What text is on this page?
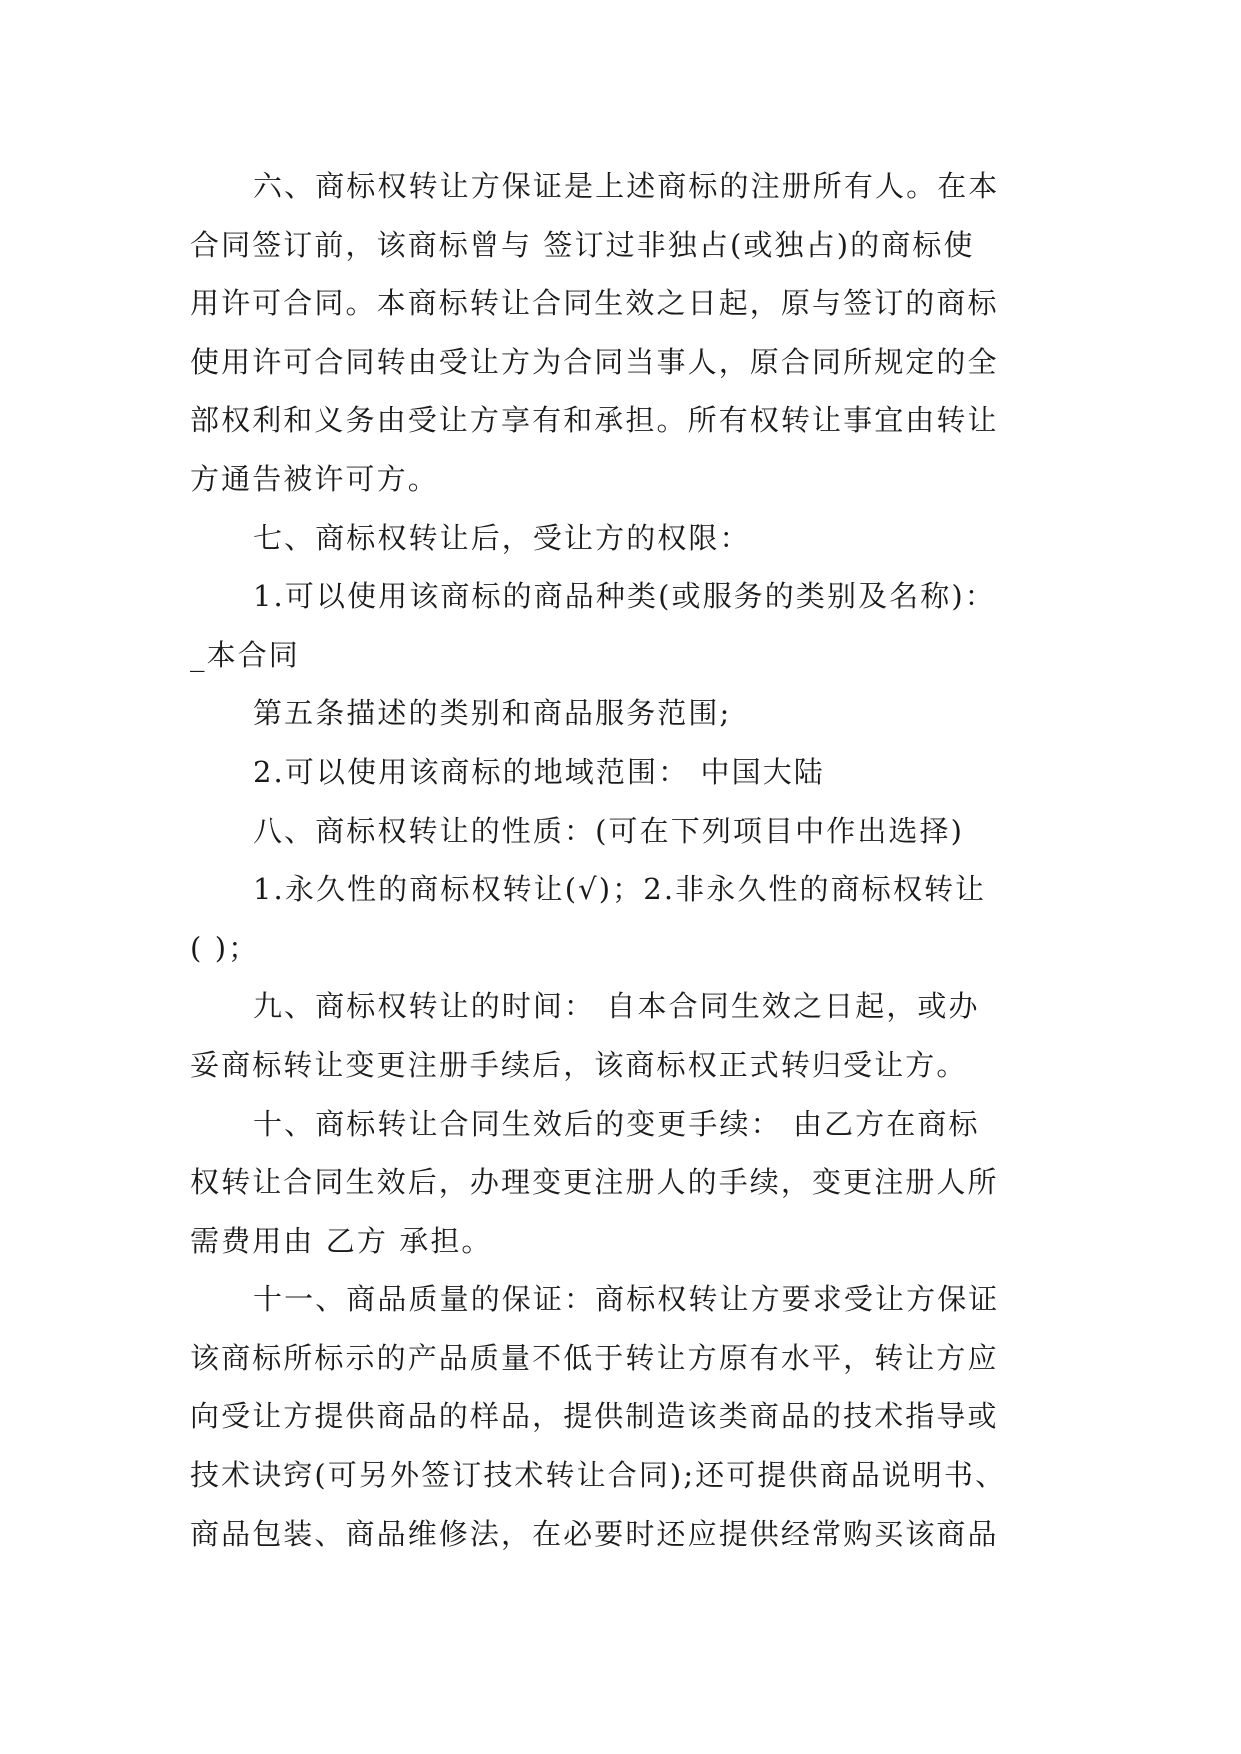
六、商标权转让方保证是上述商标的注册所有人。在本
合同签订前，该商标曾与 签订过非独占(或独占)的商标使
用许可合同。本商标转让合同生效之日起，原与签订的商标
使用许可合同转由受让方为合同当事人，原合同所规定的全
部权利和义务由受让方享有和承担。所有权转让事宜由转让
方通告被许可方。
七、商标权转让后，受让方的权限：
1.可以使用该商标的商品种类(或服务的类别及名称)：
_本合同
第五条描述的类别和商品服务范围;
2.可以使用该商标的地域范围： 中国大陆
八、商标权转让的性质：(可在下列项目中作出选择)
1.永久性的商标权转让(√)；2.非永久性的商标权转让
( )；
九、商标权转让的时间： 自本合同生效之日起，或办
妥商标转让变更注册手续后，该商标权正式转归受让方。
十、商标转让合同生效后的变更手续： 由乙方在商标
权转让合同生效后，办理变更注册人的手续，变更注册人所
需费用由 乙方 承担。
十一、商品质量的保证：商标权转让方要求受让方保证
该商标所标示的产品质量不低于转让方原有水平，转让方应
向受让方提供商品的样品，提供制造该类商品的技术指导或
技术诀窍(可另外签订技术转让合同);还可提供商品说明书、
商品包装、商品维修法，在必要时还应提供经常购买该商品
